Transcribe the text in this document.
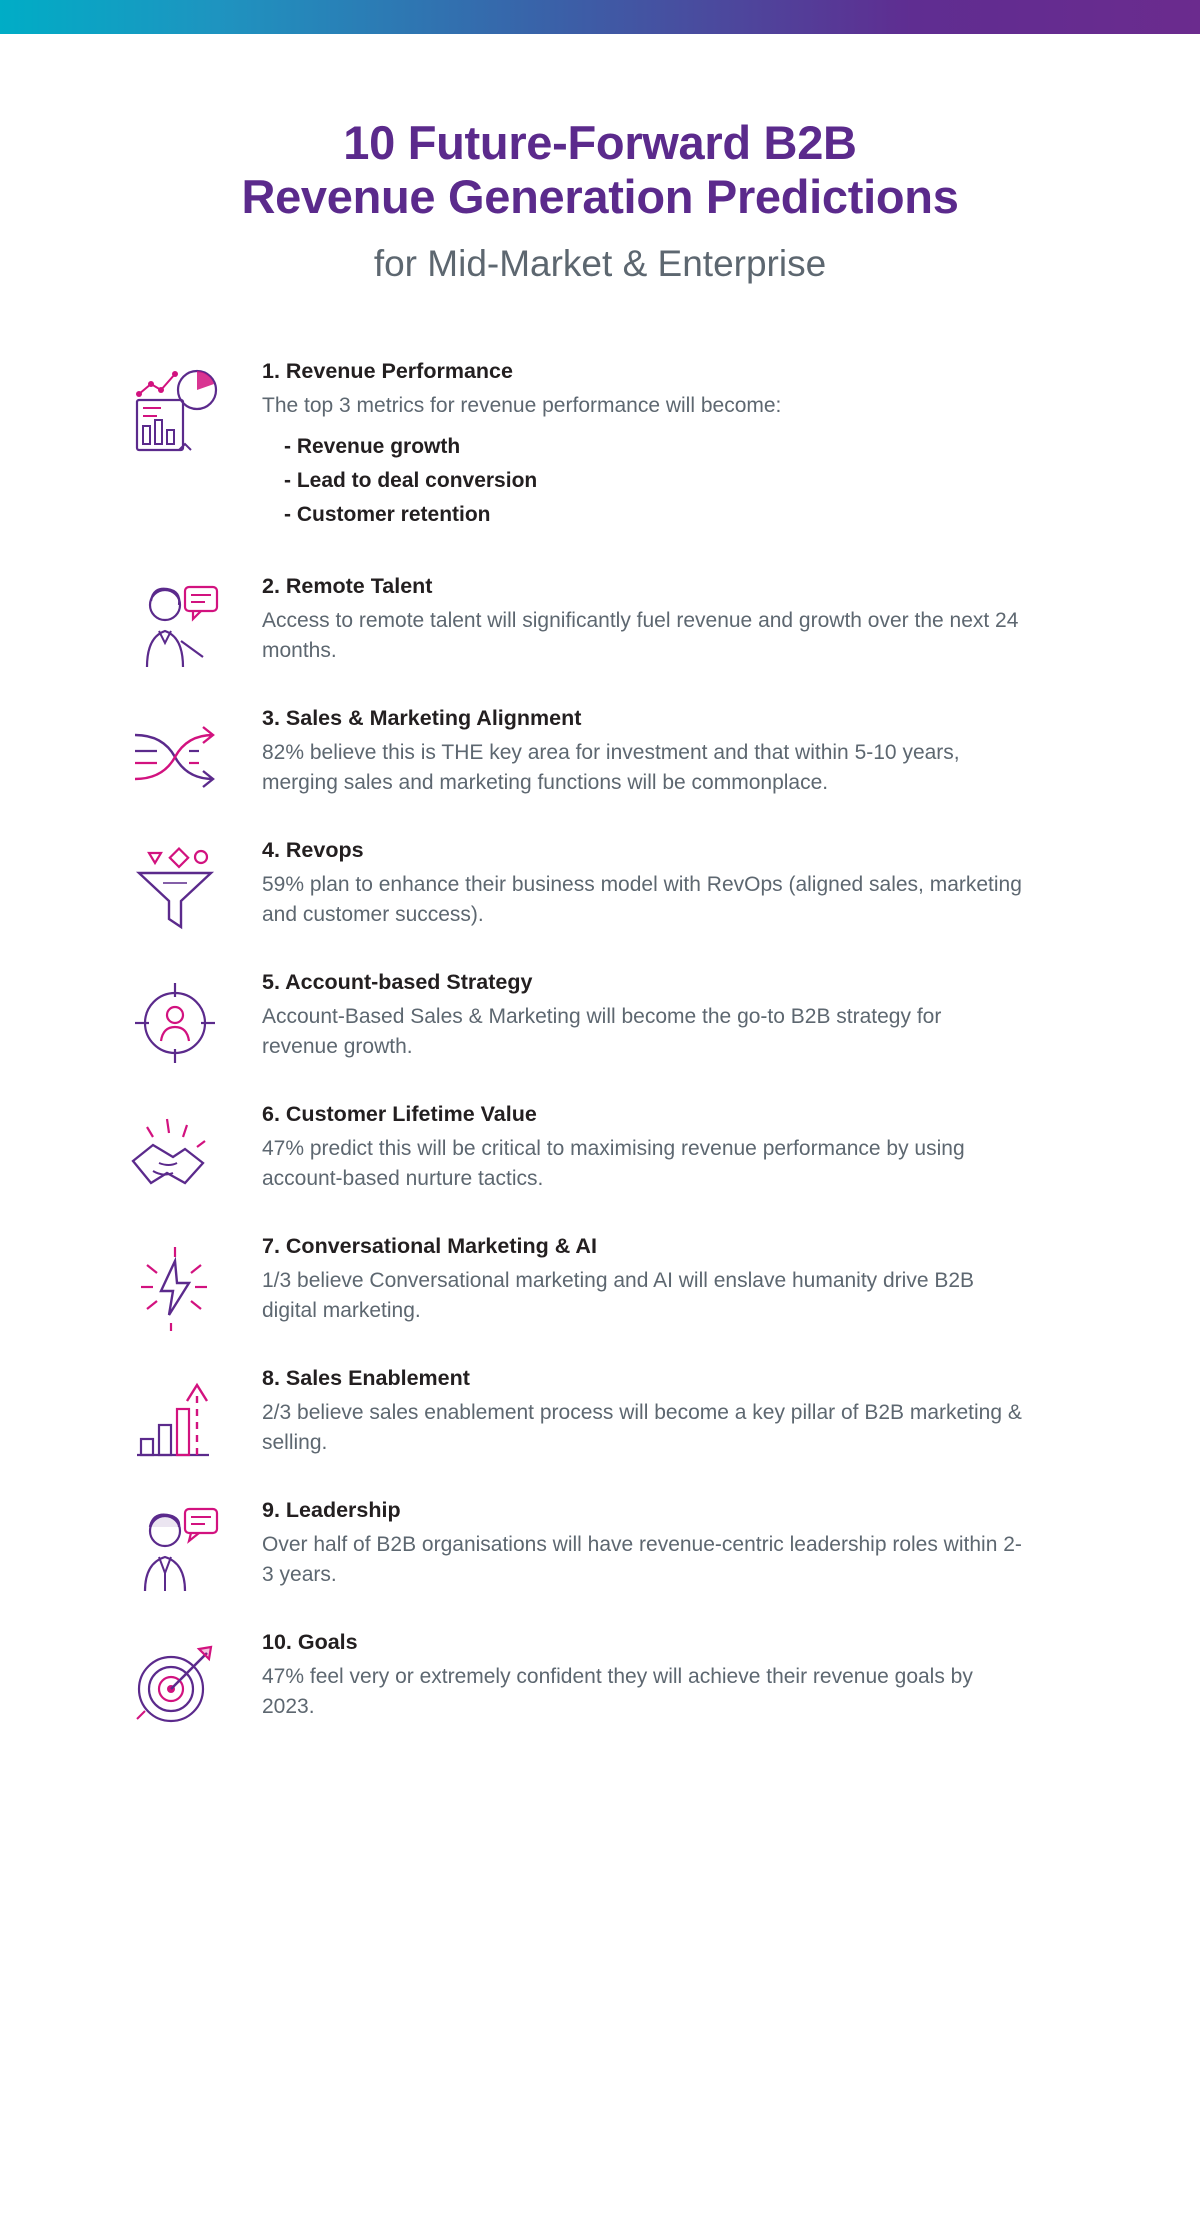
10 Future-Forward B2B
Revenue Generation Predictions

for Mid-Market & Enterprise

1. Revenue Performance

The top 3 metrics for revenue performance will become:

- Revenue growth
- Lead to deal conversion
- Customer retention

2. Remote Talent

Access to remote talent will significantly fuel revenue and growth over the next 24 months.

3. Sales & Marketing Alignment

82% believe this is THE key area for investment and that within 5-10 years, merging sales and marketing functions will be commonplace.

4. Revops

59% plan to enhance their business model with RevOps (aligned sales, marketing and customer success).

5. Account-based Strategy

Account-Based Sales & Marketing will become the go-to B2B strategy for revenue growth.

6. Customer Lifetime Value

47% predict this will be critical to maximising revenue performance by using account-based nurture tactics.

7. Conversational Marketing & AI

1/3 believe Conversational marketing and AI will enslave humanity drive B2B digital marketing.

8. Sales Enablement

2/3 believe sales enablement process will become a key pillar of B2B marketing & selling.

9. Leadership

Over half of B2B organisations will have revenue-centric leadership roles within 2-3 years.

10. Goals

47% feel very or extremely confident they will achieve their revenue goals by 2023.
